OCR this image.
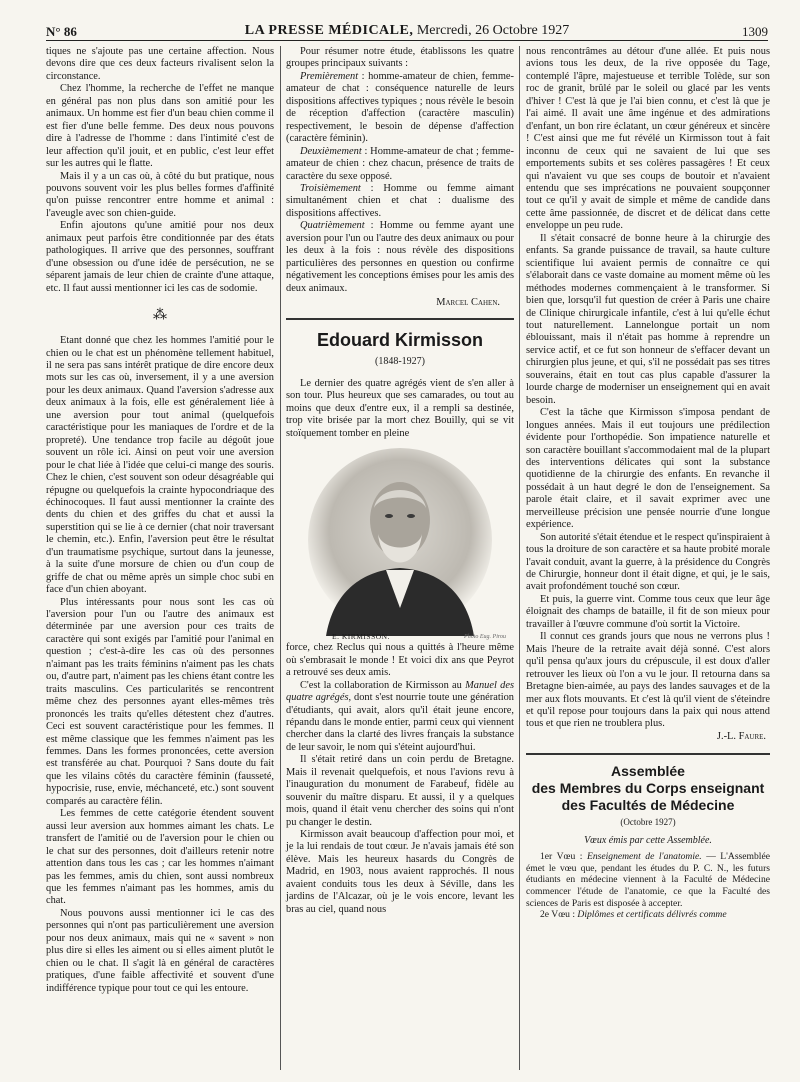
N° 86	LA PRESSE MÉDICALE, Mercredi, 26 Octobre 1927	1309

tiques ne s'ajoute pas une certaine affection. Nous devons dire que ces deux facteurs rivalisent selon la circonstance.

Chez l'homme, la recherche de l'effet ne manque en général pas non plus dans son amitié pour les animaux. Un homme est fier d'un beau chien comme il est fier d'une belle femme. Des deux nous pouvons dire à l'adresse de l'homme : dans l'intimité c'est de leur affection qu'il jouit, et en public, c'est leur effet sur les autres qui le flatte.

Mais il y a un cas où, à côté du but pratique, nous pouvons souvent voir les plus belles formes d'affinité qu'on puisse rencontrer entre homme et animal : l'aveugle avec son chien-guide.

Enfin ajoutons qu'une amitié pour nos deux animaux peut parfois être conditionnée par des états pathologiques. Il arrive que des personnes, souffrant d'une obsession ou d'une idée de persécution, ne se séparent jamais de leur chien de crainte d'une attaque, etc. Il faut aussi mentionner ici les cas de sodomie.

⁂

Etant donné que chez les hommes l'amitié pour le chien ou le chat est un phénomène tellement habituel, il ne sera pas sans intérêt pratique de dire encore deux mots sur les cas où, inversement, il y a une aversion pour les deux animaux. Quand l'aversion s'adresse aux deux animaux à la fois, elle est généralement liée à une aversion pour tout animal (quelquefois caractéristique pour les maniaques de l'ordre et de la propreté). Une tendance trop facile au dégoût joue souvent un rôle ici. Ainsi on peut voir une aversion pour le chat liée à l'idée que celui-ci mange des souris. Chez le chien, c'est souvent son odeur désagréable qui répugne ou quelquefois la crainte hypocondriaque des échinocoques. Il faut aussi mentionner la crainte des dents du chien et des griffes du chat et aussi la superstition qui se lie à ce dernier (chat noir traversant le chemin, etc.). Enfin, l'aversion peut être le résultat d'un traumatisme psychique, surtout dans la jeunesse, à la suite d'une morsure de chien ou d'un coup de griffe de chat ou même après un simple choc subi en face d'un chien aboyant.

Plus intéressants pour nous sont les cas où l'aversion pour l'un ou l'autre des animaux est déterminée par une aversion pour ces traits de caractère qui sont exigés par l'amitié pour l'animal en question ; c'est-à-dire les cas où des personnes n'aimant pas les traits féminins n'aiment pas les chats ou, d'autre part, n'aiment pas les chiens étant contre les traits masculins. Ces particularités se rencontrent même chez des personnes ayant elles-mêmes très prononcés les traits qu'elles détestent chez d'autres. Ceci est souvent caractéristique pour les femmes. Il est même classique que les femmes n'aiment pas les femmes. Dans les formes prononcées, cette aversion est transférée au chat. Pourquoi ? Sans doute du fait que les vilains côtés du caractère féminin (fausseté, hypocrisie, ruse, envie, méchanceté, etc.) sont souvent comparés au caractère félin.

Les femmes de cette catégorie étendent souvent aussi leur aversion aux hommes aimant les chats. Le transfert de l'amitié ou de l'aversion pour le chien ou le chat sur des personnes, doit d'ailleurs retenir notre attention dans tous les cas ; car les hommes n'aimant pas les femmes, amis du chien, sont aussi nombreux que les femmes n'aimant pas les hommes, amis du chat.

Nous pouvons aussi mentionner ici le cas des personnes qui n'ont pas particulièrement une aversion pour nos deux animaux, mais qui ne « savent » non plus dire si elles les aiment ou si elles aiment plutôt le chien ou le chat. Il s'agit là en général de caractères pratiques, d'une faible affectivité et souvent d'une indifférence typique pour tout ce qui les entoure.

Pour résumer notre étude, établissons les quatre groupes principaux suivants :

Premièrement : homme-amateur de chien, femme-amateur de chat : conséquence naturelle de leurs dispositions affectives typiques ; nous révèle le besoin de réception d'affection (caractère masculin) respectivement, le besoin de dépense d'affection (caractère féminin).

Deuxièmement : Homme-amateur de chat ; femme-amateur de chien : chez chacun, présence de traits de caractère du sexe opposé.

Troisièmement : Homme ou femme aimant simultanément chien et chat : dualisme des dispositions affectives.

Quatrièmement : Homme ou femme ayant une aversion pour l'un ou l'autre des deux animaux ou pour les deux à la fois : nous révèle des dispositions particulières des personnes en question ou confirme négativement les conceptions émises pour les amis des deux animaux.

Marcel Cahen.
Edouard Kirmisson
(1848-1927)

Le dernier des quatre agrégés vient de s'en aller à son tour. Plus heureux que ses camarades, ou tout au moins que deux d'entre eux, il a rempli sa destinée, trop vite brisée par la mort chez Bouilly, qui se vit stoïquement tomber en pleine

E. KIRMISSON.	Photo Eug. Pirou

force, chez Reclus qui nous a quittés à l'heure même où s'embrasait le monde ! Et voici dix ans que Peyrot a retrouvé ses deux amis.

C'est la collaboration de Kirmisson au Manuel des quatre agrégés, dont s'est nourrie toute une génération d'étudiants, qui avait, alors qu'il était jeune encore, répandu dans le monde entier, parmi ceux qui viennent chercher dans la clarté des livres français la substance de leur savoir, le nom qui s'éteint aujourd'hui.

Il s'était retiré dans un coin perdu de Bretagne. Mais il revenait quelquefois, et nous l'avions revu à l'inauguration du monument de Farabeuf, fidèle au souvenir du maître disparu. Et aussi, il y a quelques mois, quand il était venu chercher des soins qui n'ont pu changer le destin.

Kirmisson avait beaucoup d'affection pour moi, et je la lui rendais de tout cœur. Je n'avais jamais été son élève. Mais les heureux hasards du Congrès de Madrid, en 1903, nous avaient rapprochés. Il nous avaient conduits tous les deux à Séville, dans les jardins de l'Alcazar, où je le vois encore, levant les bras au ciel, quand nous

nous rencontrâmes au détour d'une allée. Et puis nous avions tous les deux, de la rive opposée du Tage, contemplé l'âpre, majestueuse et terrible Tolède, sur son roc de granit, brûlé par le soleil ou glacé par les vents d'hiver ! C'est là que je l'ai bien connu, et c'est là que je l'ai aimé. Il avait une âme ingénue et des admirations d'enfant, un bon rire éclatant, un cœur généreux et sincère ! C'est ainsi que me fut révélé un Kirmisson tout à fait inconnu de ceux qui ne savaient de lui que ses emportements subits et ses colères passagères ! Et ceux qui n'avaient vu que ses coups de boutoir et n'avaient entendu que ses imprécations ne pouvaient soupçonner tout ce qu'il y avait de simple et même de candide dans cette âme passionnée, de discret et de délicat dans cette enveloppe un peu rude.

Il s'était consacré de bonne heure à la chirurgie des enfants. Sa grande puissance de travail, sa haute culture scientifique lui avaient permis de connaître ce qui s'élaborait dans ce vaste domaine au moment même où les méthodes modernes commençaient à le transformer. Si bien que, lorsqu'il fut question de créer à Paris une chaire de Clinique chirurgicale infantile, c'est à lui qu'elle échut tout naturellement. Lannelongue portait un nom éblouissant, mais il n'était pas homme à reprendre un service actif, et ce fut son honneur de s'effacer devant un chirurgien plus jeune, et qui, s'il ne possédait pas ses titres souverains, était en tout cas plus capable d'assurer la lourde charge de moderniser un enseignement qui en avait besoin.

C'est la tâche que Kirmisson s'imposa pendant de longues années. Mais il eut toujours une prédilection évidente pour l'orthopédie. Son impatience naturelle et son caractère bouillant s'accommodaient mal de la plupart des interventions délicates qui sont la substance quotidienne de la chirurgie des enfants. En revanche il possédait à un haut degré le don de l'enseignement. Sa parole était claire, et il savait exprimer avec une merveilleuse précision une pensée nourrie d'une longue expérience.

Son autorité s'était étendue et le respect qu'inspiraient à tous la droiture de son caractère et sa haute probité morale l'avait conduit, avant la guerre, à la présidence du Congrès de Chirurgie, honneur dont il était digne, et qui, je le sais, avait profondément touché son cœur.

Et puis, la guerre vint. Comme tous ceux que leur âge éloignait des champs de bataille, il fit de son mieux pour travailler à l'œuvre commune d'où sortit la Victoire.

Il connut ces grands jours que nous ne verrons plus ! Mais l'heure de la retraite avait déjà sonné. C'est alors qu'il pensa qu'aux jours du crépuscule, il est doux d'aller retrouver les lieux où l'on a vu le jour. Il retourna dans sa Bretagne bien-aimée, au pays des landes sauvages et de la mer aux flots mouvants. Et c'est là qu'il vient de s'éteindre et qu'il repose pour toujours dans la paix qui nous attend tous et que rien ne troublera plus.

J.-L. Faure.
Assemblée
des Membres du Corps enseignant
des Facultés de Médecine
(Octobre 1927)
Vœux émis par cette Assemblée.

1er Vœu : Enseignement de l'anatomie. — L'Assemblée émet le vœu que, pendant les études du P. C. N., les futurs étudiants en médecine viennent à la Faculté de Médecine commencer l'étude de l'anatomie, ce que la Faculté des sciences de Paris est disposée à accepter.

2e Vœu : Diplômes et certificats délivrés comme
